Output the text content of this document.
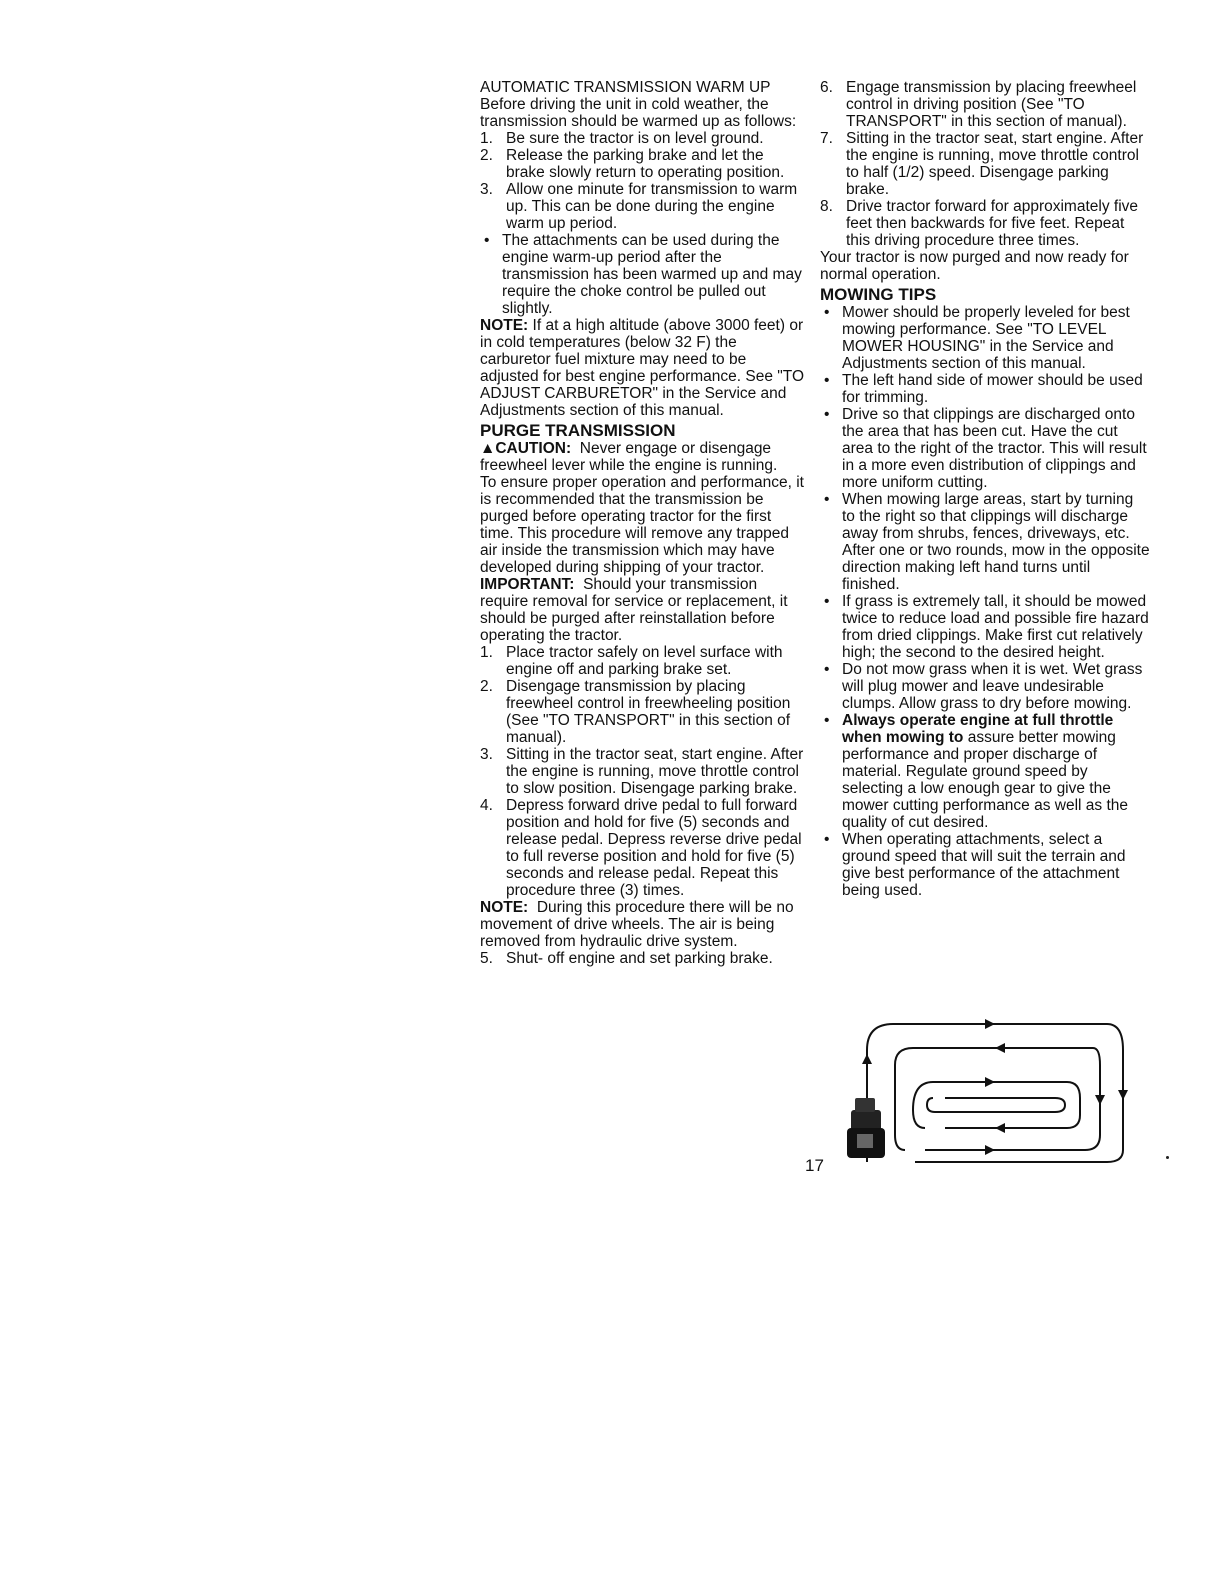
AUTOMATIC TRANSMISSION WARM UP

Before driving the unit in cold weather, the transmission should be warmed up as follows:

1. Be sure the tractor is on level ground.
2. Release the parking brake and let the brake slowly return to operating position.
3. Allow one minute for transmission to warm up. This can be done during the engine warm up period.
• The attachments can be used during the engine warm-up period after the transmission has been warmed up and may require the choke control be pulled out slightly.

NOTE: If at a high altitude (above 3000 feet) or in cold temperatures (below 32 F) the carburetor fuel mixture may need to be adjusted for best engine performance. See "TO ADJUST CARBURETOR" in the Service and Adjustments section of this manual.

PURGE TRANSMISSION

▲CAUTION: Never engage or disengage freewheel lever while the engine is running.

To ensure proper operation and performance, it is recommended that the transmission be purged before operating tractor for the first time. This procedure will remove any trapped air inside the transmission which may have developed during shipping of your tractor.

IMPORTANT: Should your transmission require removal for service or replacement, it should be purged after reinstallation before operating the tractor.

1. Place tractor safely on level surface with engine off and parking brake set.
2. Disengage transmission by placing freewheel control in freewheeling position (See "TO TRANSPORT" in this section of manual).
3. Sitting in the tractor seat, start engine. After the engine is running, move throttle control to slow position. Disengage parking brake.
4. Depress forward drive pedal to full forward position and hold for five (5) seconds and release pedal. Depress reverse drive pedal to full reverse position and hold for five (5) seconds and release pedal. Repeat this procedure three (3) times.

NOTE: During this procedure there will be no movement of drive wheels. The air is being removed from hydraulic drive system.

5. Shut- off engine and set parking brake.
6. Engage transmission by placing freewheel control in driving position (See "TO TRANSPORT" in this section of manual).
7. Sitting in the tractor seat, start engine. After the engine is running, move throttle control to half (1/2) speed. Disengage parking brake.
8. Drive tractor forward for approximately five feet then backwards for five feet. Repeat this driving procedure three times.

Your tractor is now purged and now ready for normal operation.

MOWING TIPS

• Mower should be properly leveled for best mowing performance. See "TO LEVEL MOWER HOUSING" in the Service and Adjustments section of this manual.
• The left hand side of mower should be used for trimming.
• Drive so that clippings are discharged onto the area that has been cut. Have the cut area to the right of the tractor. This will result in a more even distribution of clippings and more uniform cutting.
• When mowing large areas, start by turning to the right so that clippings will discharge away from shrubs, fences, driveways, etc. After one or two rounds, mow in the opposite direction making left hand turns until finished.
• If grass is extremely tall, it should be mowed twice to reduce load and possible fire hazard from dried clippings. Make first cut relatively high; the second to the desired height.
• Do not mow grass when it is wet. Wet grass will plug mower and leave undesirable clumps. Allow grass to dry before mowing.
• Always operate engine at full throttle when mowing to assure better mowing performance and proper discharge of material. Regulate ground speed by selecting a low enough gear to give the mower cutting performance as well as the quality of cut desired.
• When operating attachments, select a ground speed that will suit the terrain and give best performance of the attachment being used.
17
